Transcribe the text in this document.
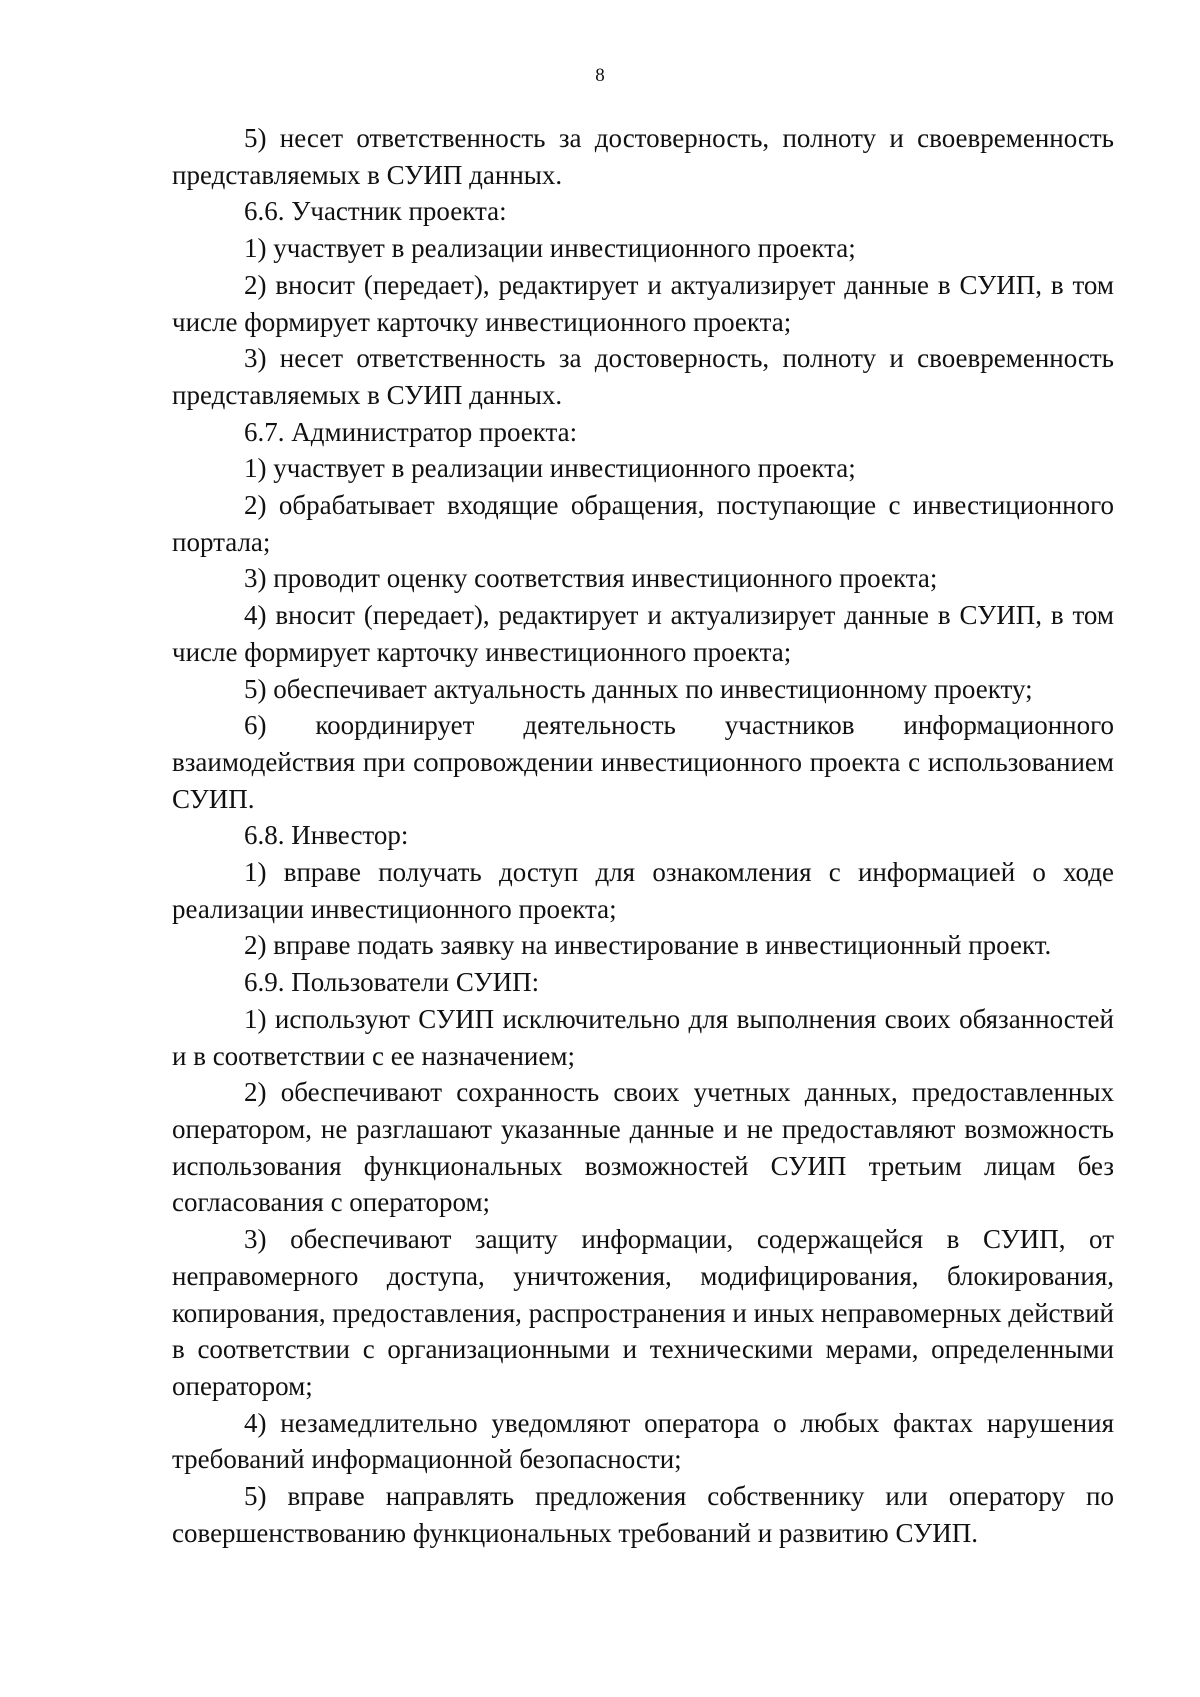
8

5) несет ответственность за достоверность, полноту и своевременность представляемых в СУИП данных.

6.6. Участник проекта:

1) участвует в реализации инвестиционного проекта;

2) вносит (передает), редактирует и актуализирует данные в СУИП, в том числе формирует карточку инвестиционного проекта;

3) несет ответственность за достоверность, полноту и своевременность представляемых в СУИП данных.

6.7. Администратор проекта:

1) участвует в реализации инвестиционного проекта;

2) обрабатывает входящие обращения, поступающие с инвестиционного портала;

3) проводит оценку соответствия инвестиционного проекта;

4) вносит (передает), редактирует и актуализирует данные в СУИП, в том числе формирует карточку инвестиционного проекта;

5) обеспечивает актуальность данных по инвестиционному проекту;

6) координирует деятельность участников информационного взаимодействия при сопровождении инвестиционного проекта с использованием СУИП.

6.8. Инвестор:

1) вправе получать доступ для ознакомления с информацией о ходе реализации инвестиционного проекта;

2) вправе подать заявку на инвестирование в инвестиционный проект.

6.9. Пользователи СУИП:

1) используют СУИП исключительно для выполнения своих обязанностей и в соответствии с ее назначением;

2) обеспечивают сохранность своих учетных данных, предоставленных оператором, не разглашают указанные данные и не предоставляют возможность использования функциональных возможностей СУИП третьим лицам без согласования с оператором;

3) обеспечивают защиту информации, содержащейся в СУИП, от неправомерного доступа, уничтожения, модифицирования, блокирования, копирования, предоставления, распространения и иных неправомерных действий в соответствии с организационными и техническими мерами, определенными оператором;

4) незамедлительно уведомляют оператора о любых фактах нарушения требований информационной безопасности;

5) вправе направлять предложения собственнику или оператору по совершенствованию функциональных требований и развитию СУИП.
